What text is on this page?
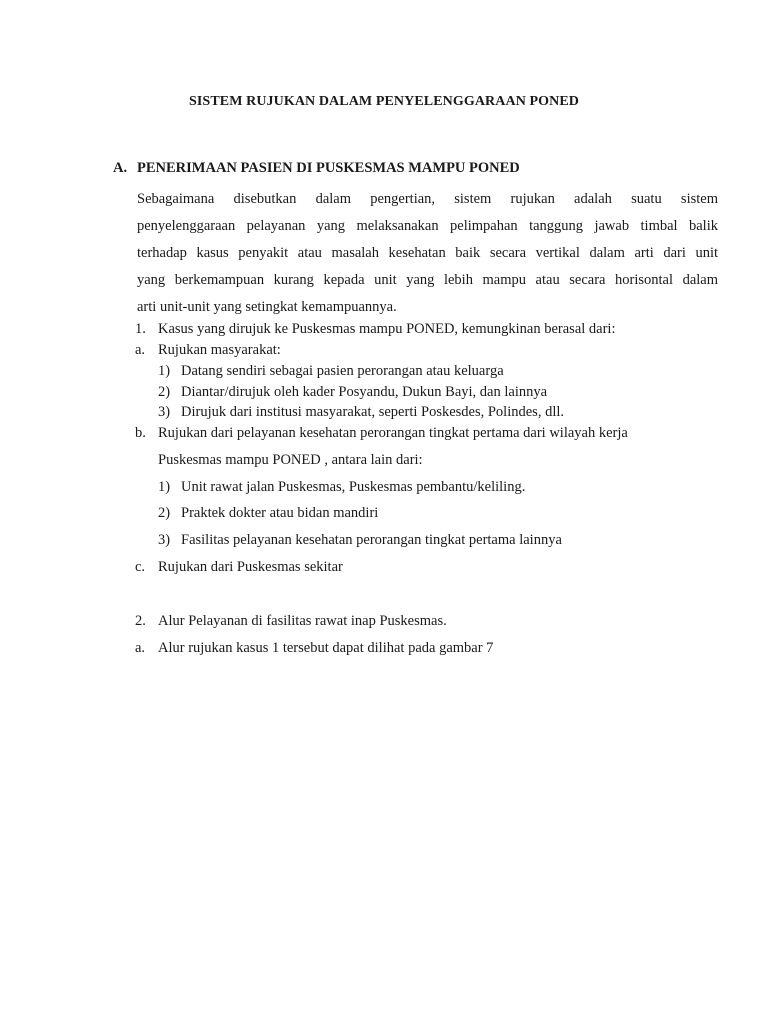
SISTEM RUJUKAN DALAM PENYELENGGARAAN PONED
A. PENERIMAAN PASIEN DI PUSKESMAS MAMPU PONED
Sebagaimana disebutkan dalam pengertian, sistem rujukan adalah suatu sistem
penyelenggaraan pelayanan yang melaksanakan pelimpahan tanggung jawab timbal balik
terhadap kasus penyakit atau masalah kesehatan baik secara vertikal dalam arti dari unit
yang berkemampuan kurang kepada unit yang lebih mampu atau secara horisontal dalam
arti unit-unit yang setingkat kemampuannya.
1. Kasus yang dirujuk ke Puskesmas mampu PONED, kemungkinan berasal dari:
a. Rujukan masyarakat:
1) Datang sendiri sebagai pasien perorangan atau keluarga
2) Diantar/dirujuk oleh kader Posyandu, Dukun Bayi, dan lainnya
3) Dirujuk dari institusi masyarakat, seperti Poskesdes, Polindes, dll.
b. Rujukan dari pelayanan kesehatan perorangan tingkat pertama dari wilayah kerja
Puskesmas mampu PONED , antara lain dari:
1) Unit rawat jalan Puskesmas, Puskesmas pembantu/keliling.
2) Praktek dokter atau bidan mandiri
3) Fasilitas pelayanan kesehatan perorangan tingkat pertama lainnya
c. Rujukan dari Puskesmas sekitar
2. Alur Pelayanan di fasilitas rawat inap Puskesmas.
a. Alur rujukan kasus 1 tersebut dapat dilihat pada gambar 7
